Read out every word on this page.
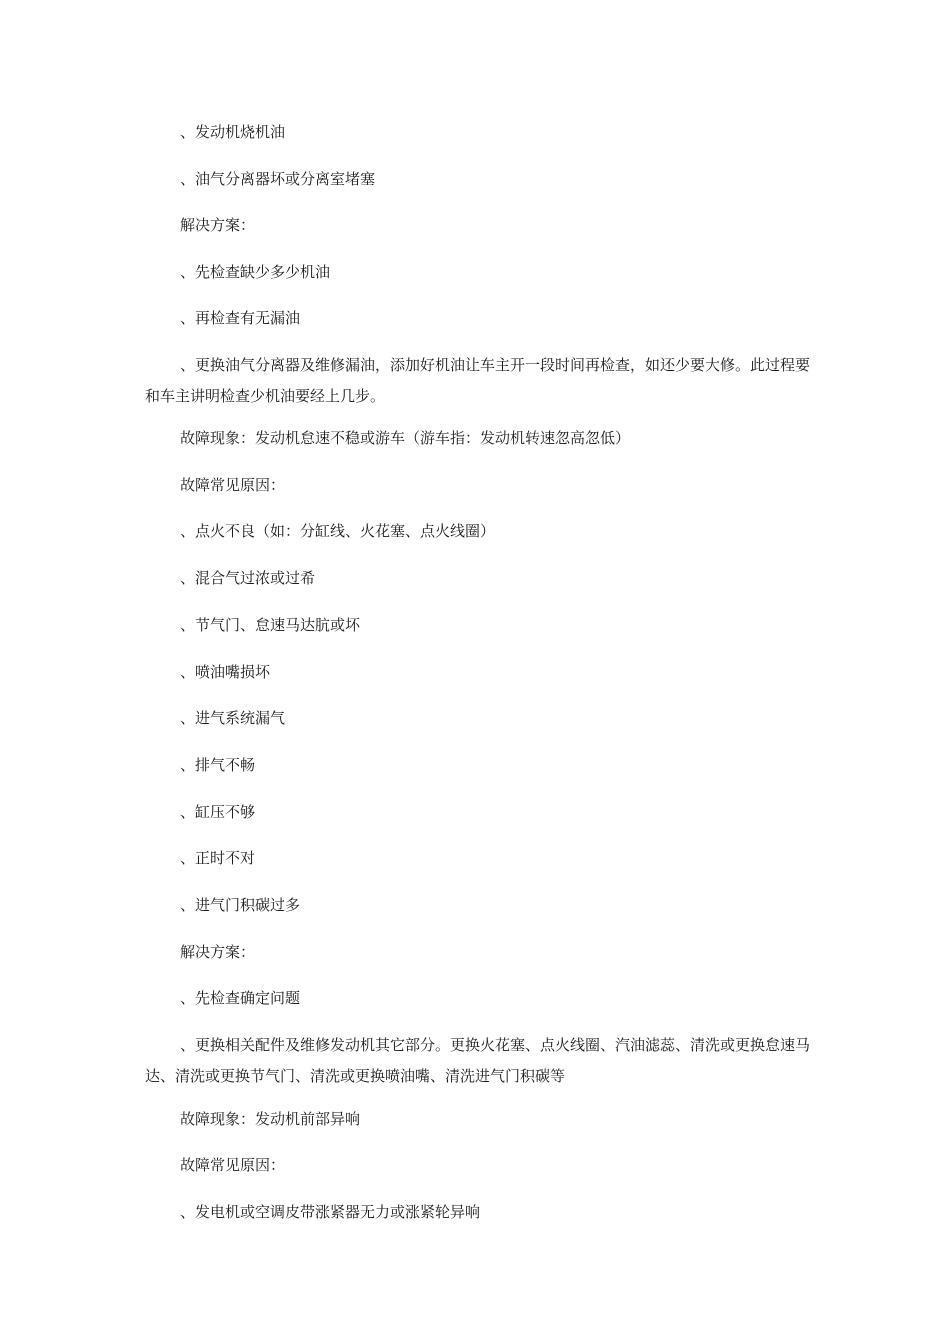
、发动机烧机油
、油气分离器坏或分离室堵塞
解决方案：
、先检查缺少多少机油
、再检查有无漏油
、更换油气分离器及维修漏油，添加好机油让车主开一段时间再检查，如还少要大修。此过程要和车主讲明检查少机油要经上几步。
故障现象：发动机怠速不稳或游车（游车指：发动机转速忽高忽低）
故障常见原因：
、点火不良（如：分缸线、火花塞、点火线圈）
、混合气过浓或过希
、节气门、怠速马达肮或坏
、喷油嘴损坏
、进气系统漏气
、排气不畅
、缸压不够
、正时不对
、进气门积碳过多
解决方案：
、先检查确定问题
、更换相关配件及维修发动机其它部分。更换火花塞、点火线圈、汽油滤蕊、清洗或更换怠速马达、清洗或更换节气门、清洗或更换喷油嘴、清洗进气门积碳等
故障现象：发动机前部异响
故障常见原因：
、发电机或空调皮带涨紧器无力或涨紧轮异响
